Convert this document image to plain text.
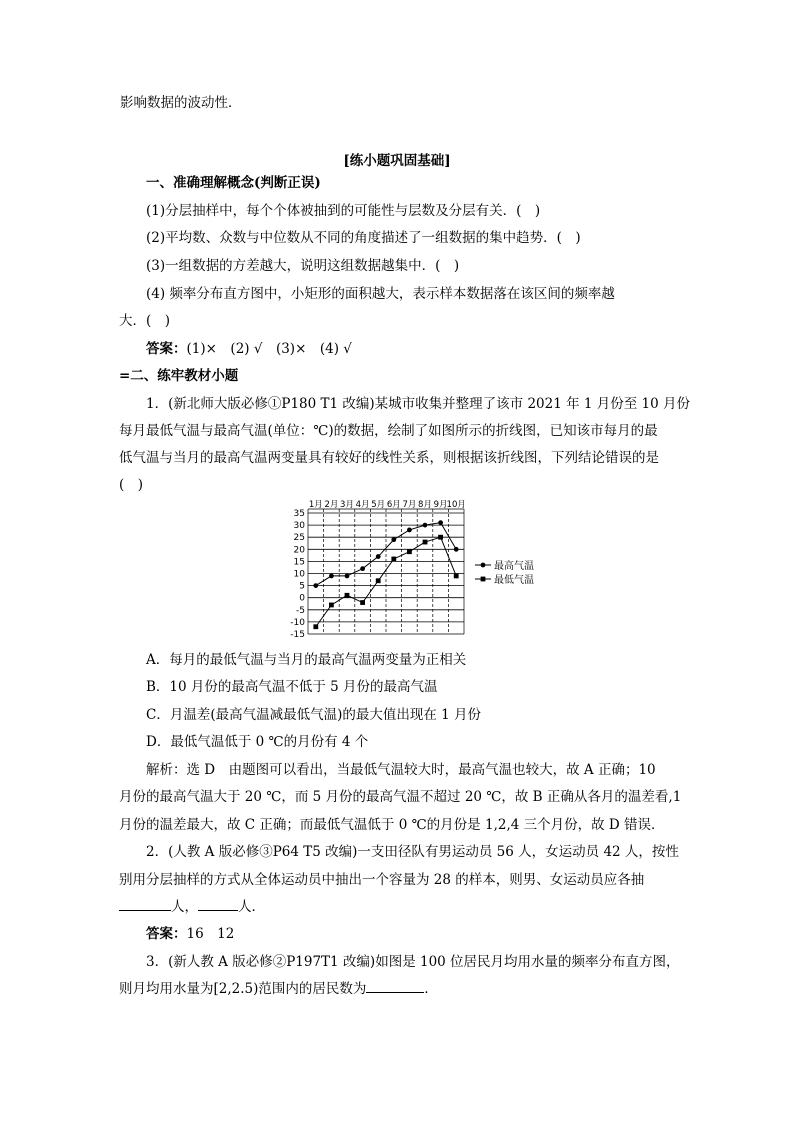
影响数据的波动性．
[练小题巩固基础]
一、准确理解概念(判断正误)
(1)分层抽样中，每个个体被抽到的可能性与层数及分层有关．(　)
(2)平均数、众数与中位数从不同的角度描述了一组数据的集中趋势．(　)
(3)一组数据的方差越大，说明这组数据越集中．(　)
(4) 频率分布直方图中，小矩形的面积越大，表示样本数据落在该区间的频率越
大．(　)
答案：(1)×　(2) √　(3)×　(4) √
=二、练牢教材小题
1．(新北师大版必修①P180 T1 改编)某城市收集并整理了该市 2021 年 1 月份至 10 月份
每月最低气温与最高气温(单位：℃)的数据，绘制了如图所示的折线图，已知该市每月的最
低气温与当月的最高气温两变量具有较好的线性关系，则根据该折线图，下列结论错误的是
(　)
35
30
25
20
15
10
5
0
-5
-10
-15
1月 2月 3月 4月 5月 6月 7月 8月 9月
10月
最高气温
最低气温
A．每月的最低气温与当月的最高气温两变量为正相关
B．10 月份的最高气温不低于 5 月份的最高气温
C．月温差(最高气温减最低气温)的最大值出现在 1 月份
D．最低气温低于 0 ℃的月份有 4 个
解析：选 D　由题图可以看出，当最低气温较大时，最高气温也较大，故 A 正确；10
月份的最高气温大于 20 ℃，而 5 月份的最高气温不超过 20 ℃，故 B 正确从各月的温差看,1
月份的温差最大，故 C 正确；而最低气温低于 0 ℃的月份是 1,2,4 三个月份，故 D 错误．
2．(人教 A 版必修③P64 T5 改编)一支田径队有男运动员 56 人，女运动员 42 人，按性
别用分层抽样的方式从全体运动员中抽出一个容量为 28 的样本，则男、女运动员应各抽
人，	人．
答案：16　12
3．(新人教 A 版必修②P197T1 改编)如图是 100 位居民月均用水量的频率分布直方图，
则月均用水量为[2,2.5)范围内的居民数为	．
